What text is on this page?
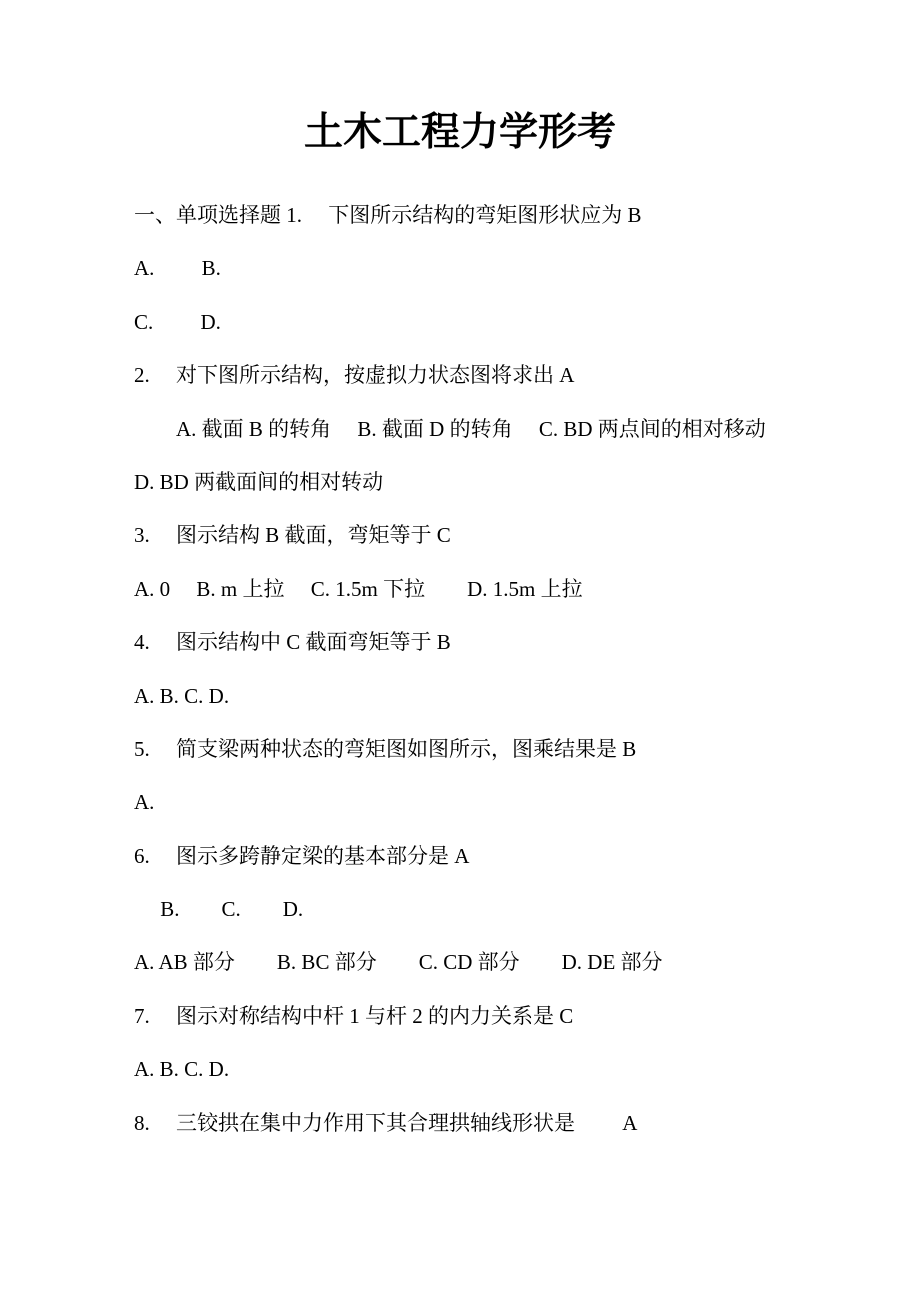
土木工程力学形考

一、单项选择题 1.　 下图所示结构的弯矩图形状应为 B

A.　　 B.

C.　　 D.

2.　 对下图所示结构，按虚拟力状态图将求出 A

　　A. 截面 B 的转角　 B. 截面 D 的转角　 C. BD 两点间的相对移动

D. BD 两截面间的相对转动

3.　 图示结构 B 截面，弯矩等于 C

A. 0　 B. m 上拉　 C. 1.5m 下拉　　D. 1.5m 上拉

4.　 图示结构中 C 截面弯矩等于 B

A. B. C. D.

5.　 简支梁两种状态的弯矩图如图所示，图乘结果是 B

A.

6.　 图示多跨静定梁的基本部分是 A

　 B.　　C.　　D.

A. AB 部分　　B. BC 部分　　C. CD 部分　　D. DE 部分

7.　 图示对称结构中杆 1 与杆 2 的内力关系是 C

A. B. C. D.

8.　 三铰拱在集中力作用下其合理拱轴线形状是　　 A
